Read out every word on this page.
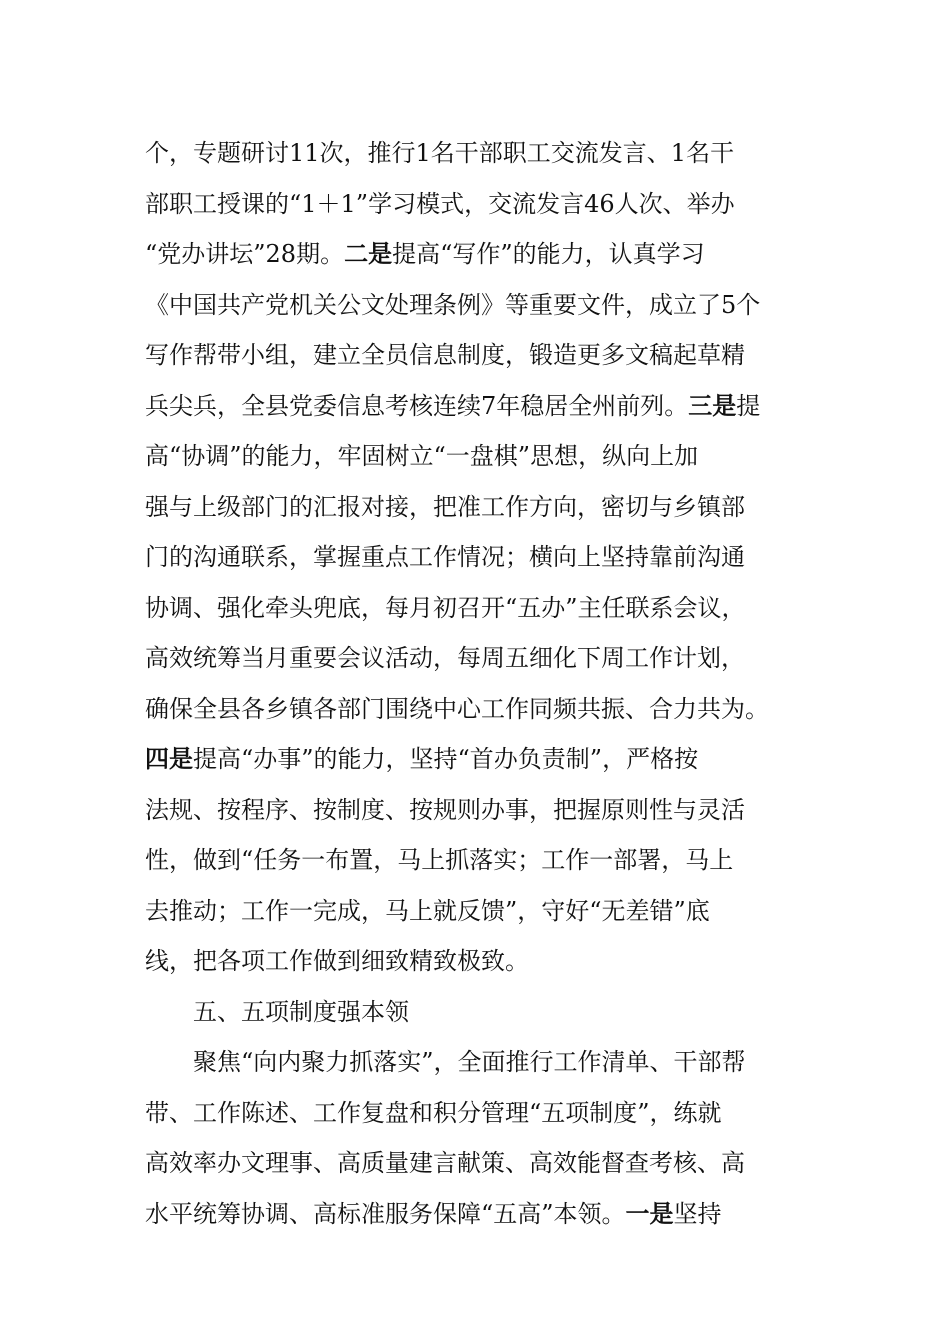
个，专题研讨11次，推行1名干部职工交流发言、1名干
部职工授课的“1＋1”学习模式，交流发言46人次、举办
“党办讲坛”28期。二是提高“写作”的能力，认真学习
《中国共产党机关公文处理条例》等重要文件，成立了5个
写作帮带小组，建立全员信息制度，锻造更多文稿起草精
兵尖兵，全县党委信息考核连续7年稳居全州前列。三是提
高“协调”的能力，牢固树立“一盘棋”思想，纵向上加
强与上级部门的汇报对接，把准工作方向，密切与乡镇部
门的沟通联系，掌握重点工作情况；横向上坚持靠前沟通
协调、强化牵头兜底，每月初召开“五办”主任联系会议，
高效统筹当月重要会议活动，每周五细化下周工作计划，
确保全县各乡镇各部门围绕中心工作同频共振、合力共为。
四是提高“办事”的能力，坚持“首办负责制”，严格按
法规、按程序、按制度、按规则办事，把握原则性与灵活
性，做到“任务一布置，马上抓落实；工作一部署，马上
去推动；工作一完成，马上就反馈”，守好“无差错”底
线，把各项工作做到细致精致极致。
五、五项制度强本领
聚焦“向内聚力抓落实”，全面推行工作清单、干部帮
带、工作陈述、工作复盘和积分管理“五项制度”，练就
高效率办文理事、高质量建言献策、高效能督查考核、高
水平统筹协调、高标准服务保障“五高”本领。一是坚持
